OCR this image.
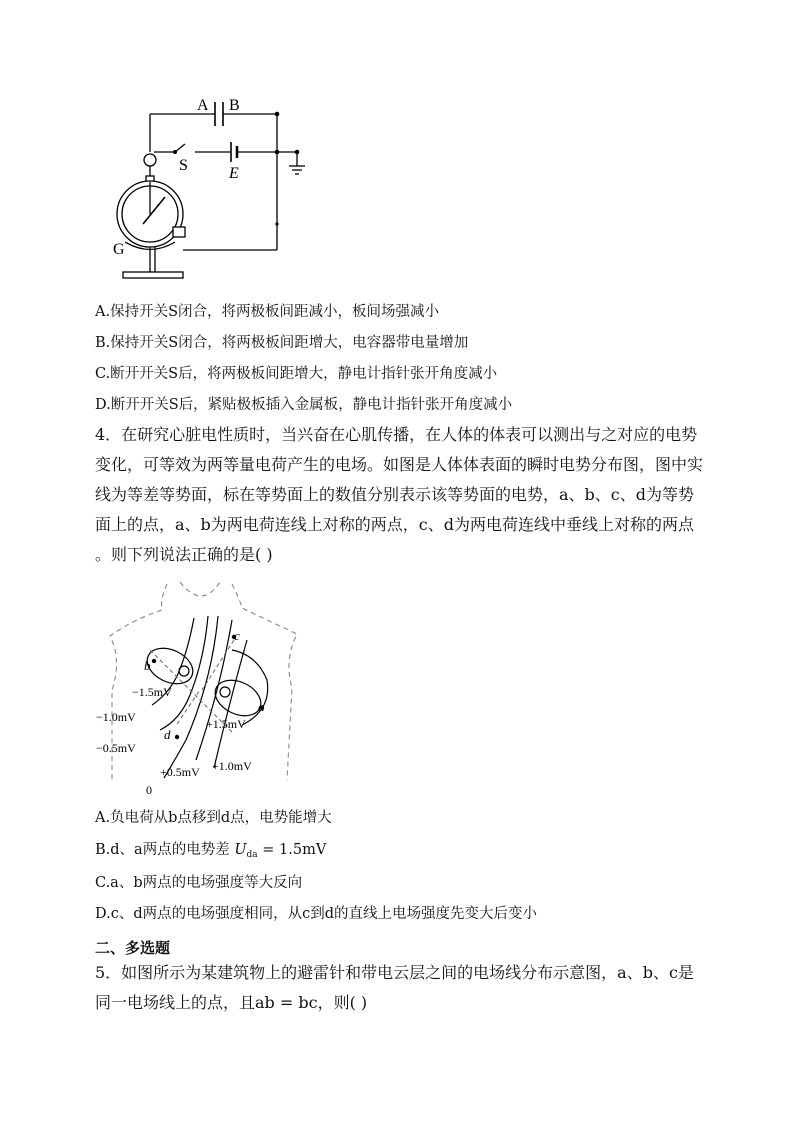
A B
S	E
G
A.保持开关S闭合，将两极板间距减小，板间场强减小
B.保持开关S闭合，将两极板间距增大，电容器带电量增加
C.断开开关S后，将两极板间距增大，静电计指针张开角度减小
D.断开开关S后，紧贴极板插入金属板，静电计指针张开角度减小
4．在研究心脏电性质时，当兴奋在心肌传播，在人体的体表可以测出与之对应的电势
变化，可等效为两等量电荷产生的电场。如图是人体体表面的瞬时电势分布图，图中实
线为等差等势面，标在等势面上的数值分别表示该等势面的电势，a、b、c、d为等势
面上的点，a、b为两电荷连线上对称的两点，c、d为两电荷连线中垂线上对称的两点
。则下列说法正确的是( )
c
b
a
d
−1.5mV
−1.0mV
−0.5mV
+1.5mV
+1.0mV
+0.5mV
0
A.负电荷从b点移到d点，电势能增大
B.d、a两点的电势差 $U_{da} = 1.5mV$
C.a、b两点的电场强度等大反向
D.c、d两点的电场强度相同，从c到d的直线上电场强度先变大后变小
二、多选题
5．如图所示为某建筑物上的避雷针和带电云层之间的电场线分布示意图，a、b、c是
同一电场线上的点，且ab = bc，则( )
